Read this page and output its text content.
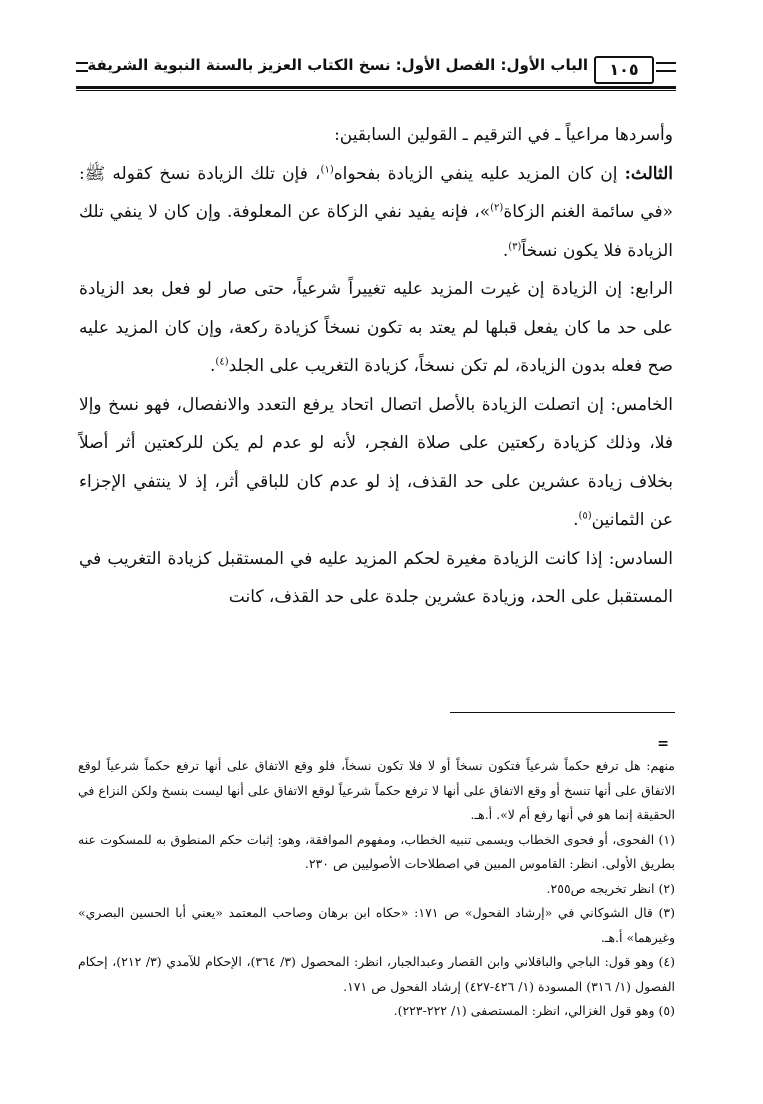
الباب الأول: الفصل الأول: نسخ الكتاب العزيز بالسنة النبوية الشريفة	١٠٥

وأسردها مراعياً ـ في الترقيم ـ القولين السابقين:

الثالث: إن كان المزيد عليه ينفي الزيادة بفحواه$^{(١)}$، فإن تلك الزيادة نسخ كقوله ﷺ: «في سائمة الغنم الزكاة$^{(٢)}$»، فإنه يفيد نفي الزكاة عن المعلوفة. وإن كان لا ينفي تلك الزيادة فلا يكون نسخاً$^{(٣)}$.

الرابع: إن الزيادة إن غيرت المزيد عليه تغييراً شرعياً، حتى صار لو فعل بعد الزيادة على حد ما كان يفعل قبلها لم يعتد به تكون نسخاً كزيادة ركعة، وإن كان المزيد عليه صح فعله بدون الزيادة، لم تكن نسخاً، كزيادة التغريب على الجلد$^{(٤)}$.

الخامس: إن اتصلت الزيادة بالأصل اتصال اتحاد يرفع التعدد والانفصال، فهو نسخ وإلا فلا، وذلك كزيادة ركعتين على صلاة الفجر، لأنه لو عدم لم يكن للركعتين أثر أصلاً بخلاف زيادة عشرين على حد القذف، إذ لو عدم كان للباقي أثر، إذ لا ينتفي الإجزاء عن الثمانين$^{(٥)}$.

السادس: إذا كانت الزيادة مغيرة لحكم المزيد عليه في المستقبل كزيادة التغريب في المستقبل على الحد، وزيادة عشرين جلدة على حد القذف، كانت

=

منهم: هل ترفع حكماً شرعياً فتكون نسخاً أو لا فلا تكون نسخاً، فلو وقع الاتفاق على أنها ترفع حكماً شرعياً لوقع الاتفاق على أنها تنسخ أو وقع الاتفاق على أنها لا ترفع حكماً شرعياً لوقع الاتفاق على أنها ليست بنسخ ولكن النزاع في الحقيقة إنما هو في أنها رفع أم لا». أ.هـ.

(١) الفحوى، أو فحوى الخطاب ويسمى تنبيه الخطاب، ومفهوم الموافقة، وهو: إثبات حكم المنطوق به للمسكوت عنه بطريق الأولى. انظر: القاموس المبين في اصطلاحات الأصوليين ص ٢٣٠.

(٢) انظر تخريجه ص٢٥٥.

(٣) قال الشوكاني في «إرشاد الفحول» ص ١٧١: «حكاه ابن برهان وصاحب المعتمد «يعني أبا الحسين البصري» وغيرهما» أ.هـ.

(٤) وهو قول: الباجي والباقلاني وابن القصار وعبدالجبار، انظر: المحصول (٣/ ٣٦٤)، الإحكام للآمدي (٣/ ٢١٢)، إحكام الفصول (١/ ٣١٦) المسودة (١/ ٤٢٦-٤٢٧) إرشاد الفحول ص ١٧١.

(٥) وهو قول الغزالي، انظر: المستصفى (١/ ٢٢٢-٢٢٣).
